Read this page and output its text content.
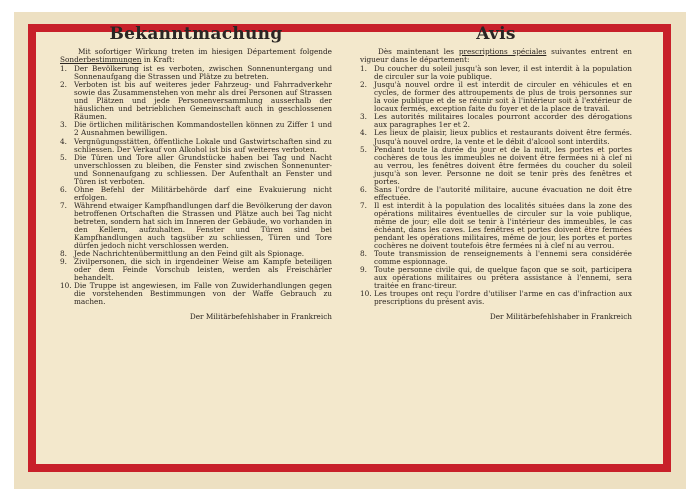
Bekanntmachung
Mit sofortiger Wirkung treten im hiesigen Département folgende Sonderbestimmungen in Kraft:
1. Der Bevölkerung ist es verboten, zwischen Sonnenuntergang und Sonnenaufgang die Strassen und Plätze zu betreten.
2. Verboten ist bis auf weiteres jeder Fahrzeug- und Fahrradverkehr sowie das Zusammenstehen von mehr als drei Personen auf Strassen und Plätzen und jede Personenversammlung ausserhalb der häuslichen und betrieblichen Gemeinschaft auch in geschlossenen Räumen.
3.Die örtlichen militärischen Kommandostellen können zu Ziffer 1 und 2 Ausnahmen bewilligen.
4. Vergnügungsstätten, öffentliche Lokale und Gastwirtschaften sind zu schliessen. Der Verkauf von Alkohol ist bis auf weiteres verboten.
5. Die Türen und Tore aller Grundstücke haben bei Tag und Nacht unverschlossen zu bleiben, die Fenster sind zwischen Sonnenunter- und Sonnenaufgang zu schliessen. Der Aufenthalt an Fenster und Türen ist verboten.
6. Ohne Befehl der Militärbehörde darf eine Evakuierung nicht erfolgen.
7. Während etwaiger Kampfhandlungen darf die Bevölkerung der davon betroffenen Ortschaften die Strassen und Plätze auch bei Tag nicht betreten, sondern hat sich im Inneren der Gebäude, wo vorhanden in den Kellern, aufzuhalten. Fenster und Türen sind bei Kampfhandlungen auch tagsüber zu schliessen, Türen und Tore dürfen jedoch nicht verschlossen werden.
8. Jede Nachrichtenübermittlung an den Feind gilt als Spionage.
9. Zivilpersonen, die sich in irgendeiner Weise am Kampfe beteiligen oder dem Feinde Vorschub leisten, werden als Freischärler behandelt.
10. Die Truppe ist angewiesen, im Falle von Zuwiderhandlungen gegen die vorstehenden Bestimmungen von der Waffe Gebrauch zu machen.
Der Militärbefehlshaber in Frankreich
Avis
Dès maintenant les prescriptions spéciales suivantes entrent en vigueur dans le département:
1. Du coucher du soleil jusqu'à son lever, il est interdit à la population de circuler sur la voie publique.
2. Jusqu'à nouvel ordre il est interdit de circuler en véhicules et en cycles, de former des attroupements de plus de trois personnes sur la voie publique et de se réunir soit à l'intérieur soit à l'extérieur de locaux fermés, exception faite du foyer et de la place de travail.
3. Les autorités militaires locales pourront accorder des dérogations aux paragraphes 1er et 2.
4. Les lieux de plaisir, lieux publics et restaurants doivent être fermés. Jusqu'à nouvel ordre, la vente et le débit d'alcool sont interdits.
5. Pendant toute la durée du jour et de la nuit, les portes et portes cochères de tous les immeubles ne doivent être fermées ni à clef ni au verrou, les fenêtres doivent être fermées du coucher du soleil jusqu'à son lever. Personne ne doit se tenir près des fenêtres et portes.
6. Sans l'ordre de l'autorité militaire, aucune évacuation ne doit être effectuée.
7. Il est interdit à la population des localités situées dans la zone des opérations militaires éventuelles de circuler sur la voie publique, même de jour; elle doit se tenir à l'intérieur des immeubles, le cas échéant, dans les caves. Les fenêtres et portes doivent être fermées pendant les opérations militaires, même de jour, les portes et portes cochères ne doivent toutefois être fermées ni à clef ni au verrou.
8. Toute transmission de renseignements à l'ennemi sera considérée comme espionnage.
9. Toute personne civile qui, de quelque façon que se soit, participera aux opérations militaires ou prêtera assistance à l'ennemi, sera traitée en franc-tireur.
10. Les troupes ont reçu l'ordre d'utiliser l'arme en cas d'infraction aux prescriptions du présent avis.
Der Militärbefehlshaber in Frankreich
